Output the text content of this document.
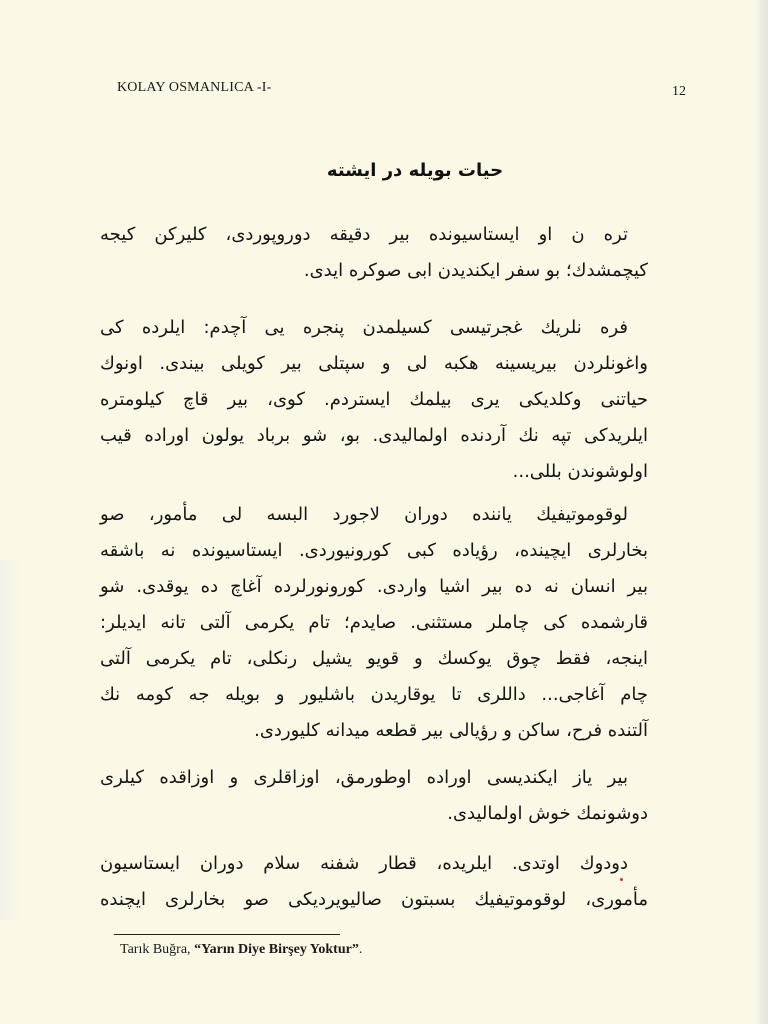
KOLAY OSMANLICA -I-	12
حیات بویله در ایشته
تره ن او ایستاسیونده بیر دقیقه دوروپوردی، کلیرکن کیجه
کیچمشدك؛ بو سفر ایکندیدن ابی صوکره ایدی.
فره نلریك غجرتیسی کسیلمدن پنجره یی آچدم: ایلرده کی
واغونلردن بیریسینه هکبه لی و سپتلی بیر کویلی بیندی. اونوك
حیاتنی وکلدیکی یری بیلمك ایستردم. کوی، بیر قاچ کیلومتره
ایلریدکی تپه نك آردنده اولمالیدی. بو، شو برباد یولون اوراده قیب
اولوشوندن بللی...
لوقوموتیفیك یاننده دوران لاجورد البسه لی مأمور، صو
بخارلری ایچینده، رؤیاده کبی کورونیوردی. ایستاسیونده نه باشقه
بیر انسان نه ده بیر اشیا واردی. کورونورلرده آغاچ ده یوقدی. شو
قارشمده کی چاملر مستثنی. صایدم؛ تام یکرمی آلتی تانه ایدیلر:
اینجه، فقط چوق یوکسك و قویو یشیل رنکلی، تام یکرمی آلتی
چام آغاجی... داللری تا یوقاریدن باشلیور و بویله جه کومه نك
آلتنده فرح، ساکن و رؤیالی بیر قطعه میدانه کلیوردی.
بیر یاز ایکندیسی اوراده اوطورمق، اوزاقلری و اوزاقده کیلری
دوشونمك خوش اولمالیدی.
دودوك اوتدی. ایلریده، قطار شفنه سلام دوران ایستاسیون
مأموری، لوقوموتیفیك بسبتون صالیویردیکی صو بخارلری ایچنده
Tarık Buğra, “Yarın Diye Birşey Yoktur”.
